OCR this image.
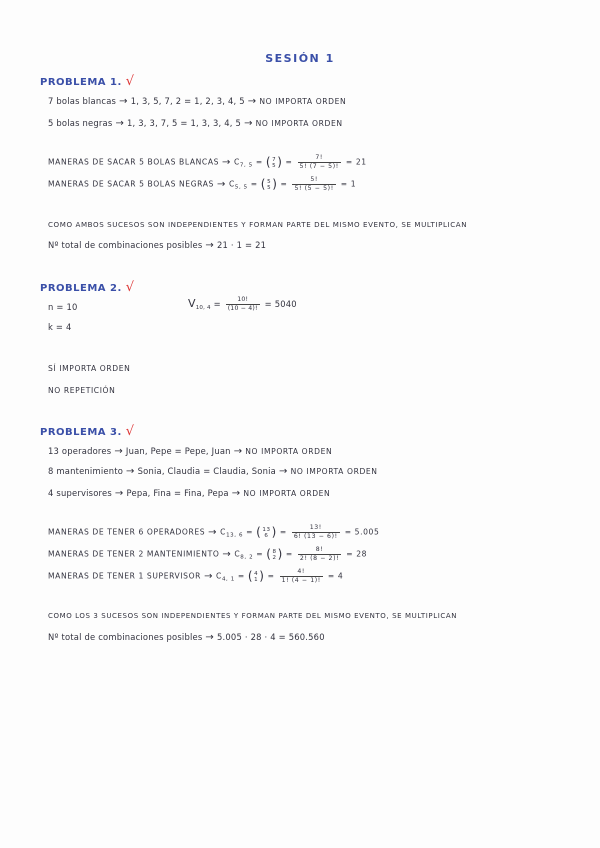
SESIÓN 1
PROBLEMA 1. √
7 bolas blancas → 1, 3, 5, 7, 2 = 1, 2, 3, 4, 5 → NO IMPORTA ORDEN
5 bolas negras → 1, 3, 3, 7, 5 = 1, 3, 3, 4, 5 → NO IMPORTA ORDEN
MANERAS DE SACAR 5 BOLAS BLANCAS → $C_{7, 5} = (7$
$5) = \frac{7!}{5! (7 - 5)!} = 21$
MANERAS DE SACAR 5 BOLAS NEGRAS → $C_{5, 5} = (5$
$5) = \frac{5!}{5! (5 - 5)!} = 1$
COMO AMBOS SUCESOS SON INDEPENDIENTES Y FORMAN PARTE DEL MISMO EVENTO, SE MULTIPLICAN
Nº total de combinaciones posibles → 21 · 1 = 21
PROBLEMA 2. √
n = 10
k = 4
$V_{10, 4} = \frac{10!}{(10 - 4)!} = 5040$
SÍ IMPORTA ORDEN
NO REPETICIÓN
PROBLEMA 3. √
13 operadores → Juan, Pepe = Pepe, Juan → NO IMPORTA ORDEN
8 mantenimiento → Sonia, Claudia = Claudia, Sonia → NO IMPORTA ORDEN
4 supervisores → Pepa, Fina = Fina, Pepa → NO IMPORTA ORDEN
MANERAS DE TENER 6 OPERADORES → $C_{13, 6} = (13$
6 ) = $\frac{13!}{6! (13 - 6)!} = 5.005$
MANERAS DE TENER 2 MANTENIMIENTO → $C_{8, 2} = (8$
$2) = \frac{8!}{2! (8 - 2)!} = 28$
MANERAS DE TENER 1 SUPERVISOR → $C_{4, 1} = (4$
$1) = \frac{4!}{1! (4 - 1)!} = 4$
COMO LOS 3 SUCESOS SON INDEPENDIENTES Y FORMAN PARTE DEL MISMO EVENTO, SE MULTIPLICAN
Nº total de combinaciones posibles → 5.005 · 28 · 4 = 560.560
